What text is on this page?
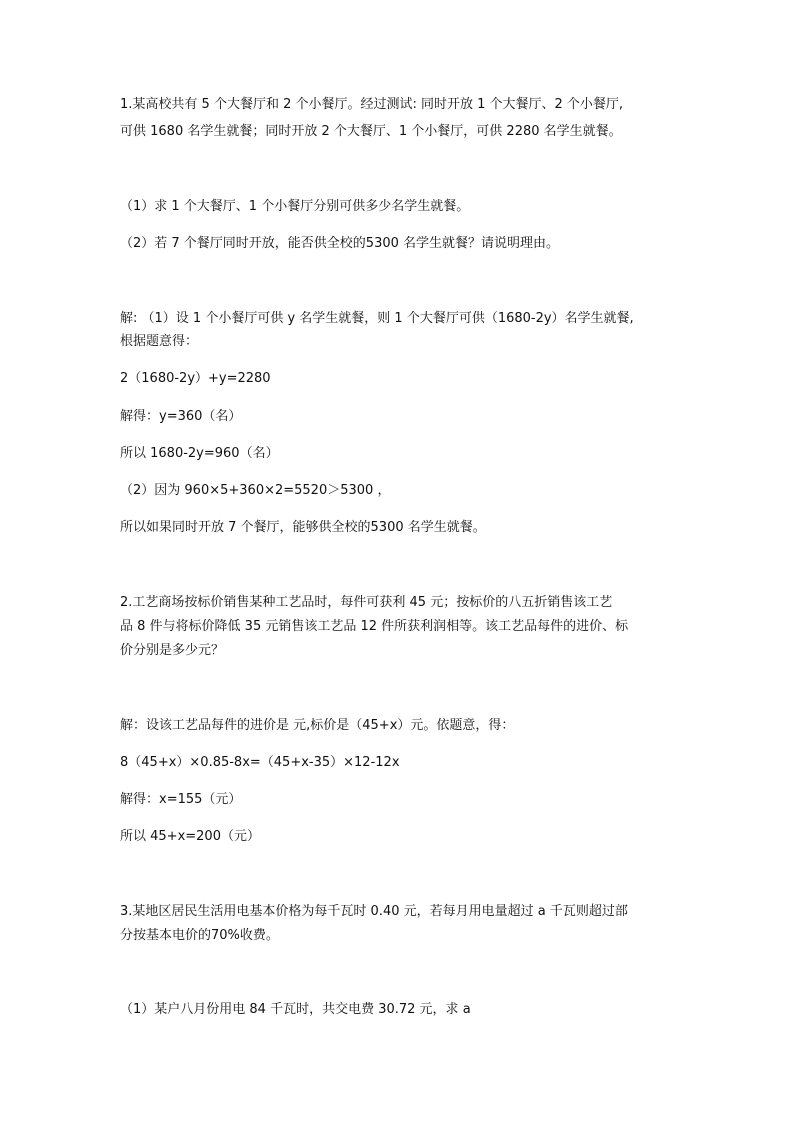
1.某高校共有 5 个大餐厅和 2 个小餐厅。经过测试: 同时开放 1 个大餐厅、2 个小餐厅,
可供 1680 名学生就餐；同时开放 2 个大餐厅、1 个小餐厅，可供 2280 名学生就餐。
（1）求 1 个大餐厅、1 个小餐厅分别可供多少名学生就餐。
（2）若 7 个餐厅同时开放，能否供全校的5300 名学生就餐？请说明理由。
解: （1）设 1 个小餐厅可供 y 名学生就餐，则 1 个大餐厅可供（1680-2y）名学生就餐,
根据题意得：
2（1680-2y）+y=2280
解得：y=360（名）
所以 1680-2y=960（名）
（2）因为 960×5+360×2=5520＞5300 ，
所以如果同时开放 7 个餐厅，能够供全校的5300 名学生就餐。
2.工艺商场按标价销售某种工艺品时，每件可获利 45 元；按标价的八五折销售该工艺
品 8 件与将标价降低 35 元销售该工艺品 12 件所获利润相等。该工艺品每件的进价、标
价分别是多少元？
解：设该工艺品每件的进价是 元,标价是（45+x）元。依题意，得：
8（45+x）×0.85-8x=（45+x-35）×12-12x
解得：x=155（元）
所以 45+x=200（元）
3.某地区居民生活用电基本价格为每千瓦时 0.40 元，若每月用电量超过 a 千瓦则超过部
分按基本电价的70%收费。
（1）某户八月份用电 84 千瓦时，共交电费 30.72 元，求 a
